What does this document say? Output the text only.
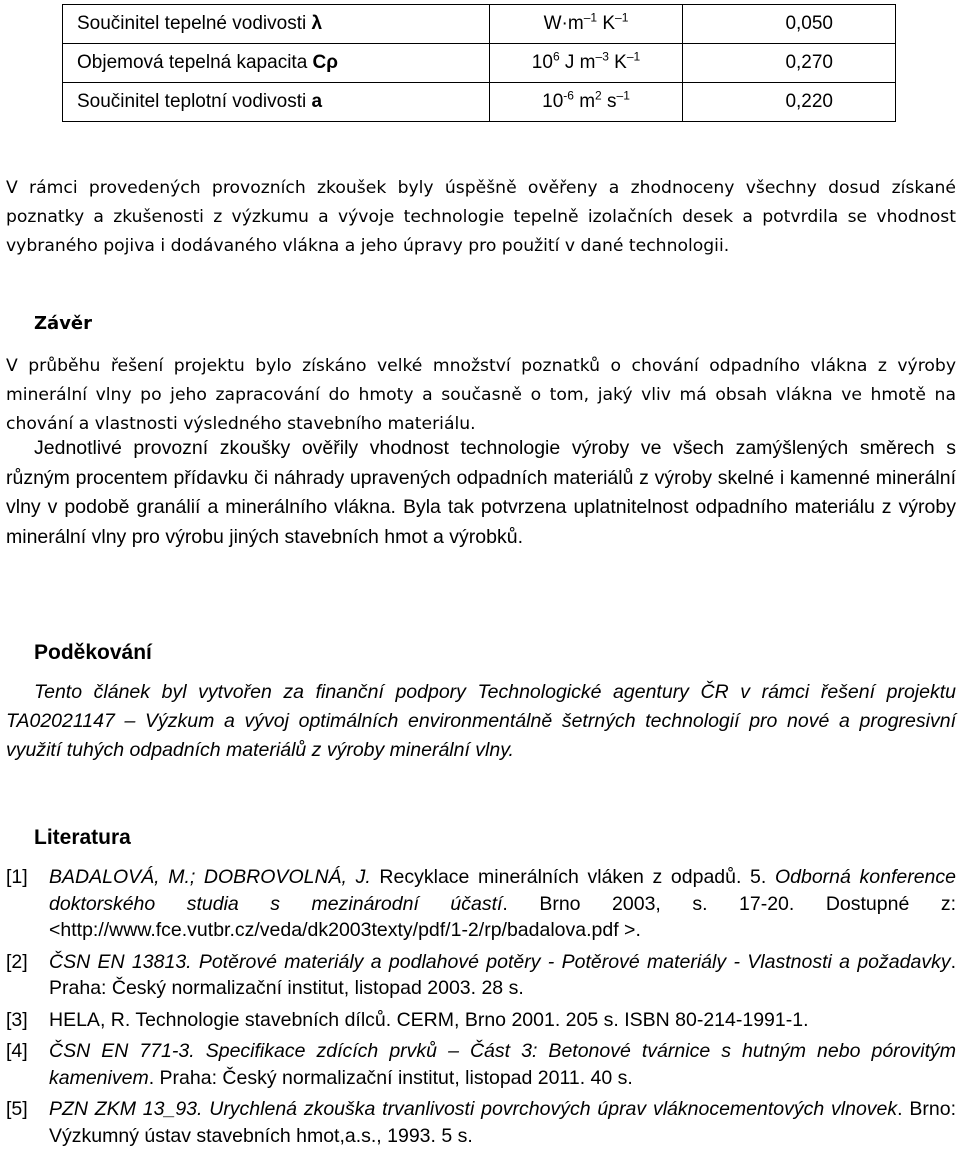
Součinitel tepelné vodivosti λ	$W\cdot m^{-1}$ $K^{-1}$	0,050
Objemová tepelná kapacita Cρ	$10^6$ J $m^{-3}$ $K^{-1}$	0,270
Součinitel teplotní vodivosti a	$10^{-6}$ $m^2$ $s^{-1}$	0,220

V rámci provedených provozních zkoušek byly úspěšně ověřeny a zhodnoceny všechny dosud získané poznatky a zkušenosti z výzkumu a vývoje technologie tepelně izolačních desek a potvrdila se vhodnost vybraného pojiva i dodávaného vlákna a jeho úpravy pro použití v dané technologii.

Závěr

V průběhu řešení projektu bylo získáno velké množství poznatků o chování odpadního vlákna z výroby minerální vlny po jeho zapracování do hmoty a současně o tom, jaký vliv má obsah vlákna ve hmotě na chování a vlastnosti výsledného stavebního materiálu.

Jednotlivé provozní zkoušky ověřily vhodnost technologie výroby ve všech zamýšlených směrech s různým procentem přídavku či náhrady upravených odpadních materiálů z výroby skelné i kamenné minerální vlny v podobě granálií a minerálního vlákna. Byla tak potvrzena uplatnitelnost odpadního materiálu z výroby minerální vlny pro výrobu jiných stavebních hmot a výrobků.

Poděkování

Tento článek byl vytvořen za finanční podpory Technologické agentury ČR v rámci řešení projektu TA02021147 – Výzkum a vývoj optimálních environmentálně šetrných technologií pro nové a progresivní využití tuhých odpadních materiálů z výroby minerální vlny.

Literatura
[1] BADALOVÁ, M.; DOBROVOLNÁ, J. Recyklace minerálních vláken z odpadů. 5. Odborná konference doktorského studia s mezinárodní účastí. Brno 2003, s. 17-20. Dostupné z: <http://www.fce.vutbr.cz/veda/dk2003texty/pdf/1-2/rp/badalova.pdf >.
[2] ČSN EN 13813. Potěrové materiály a podlahové potěry - Potěrové materiály - Vlastnosti a požadavky. Praha: Český normalizační institut, listopad 2003. 28 s.
[3] HELA, R. Technologie stavebních dílců. CERM, Brno 2001. 205 s. ISBN 80-214-1991-1.
[4] ČSN EN 771-3. Specifikace zdících prvků – Část 3: Betonové tvárnice s hutným nebo pórovitým kamenivem. Praha: Český normalizační institut, listopad 2011. 40 s.
[5] PZN ZKM 13_93. Urychlená zkouška trvanlivosti povrchových úprav vláknocementových vlnovek. Brno: Výzkumný ústav stavebních hmot,a.s., 1993. 5 s.
